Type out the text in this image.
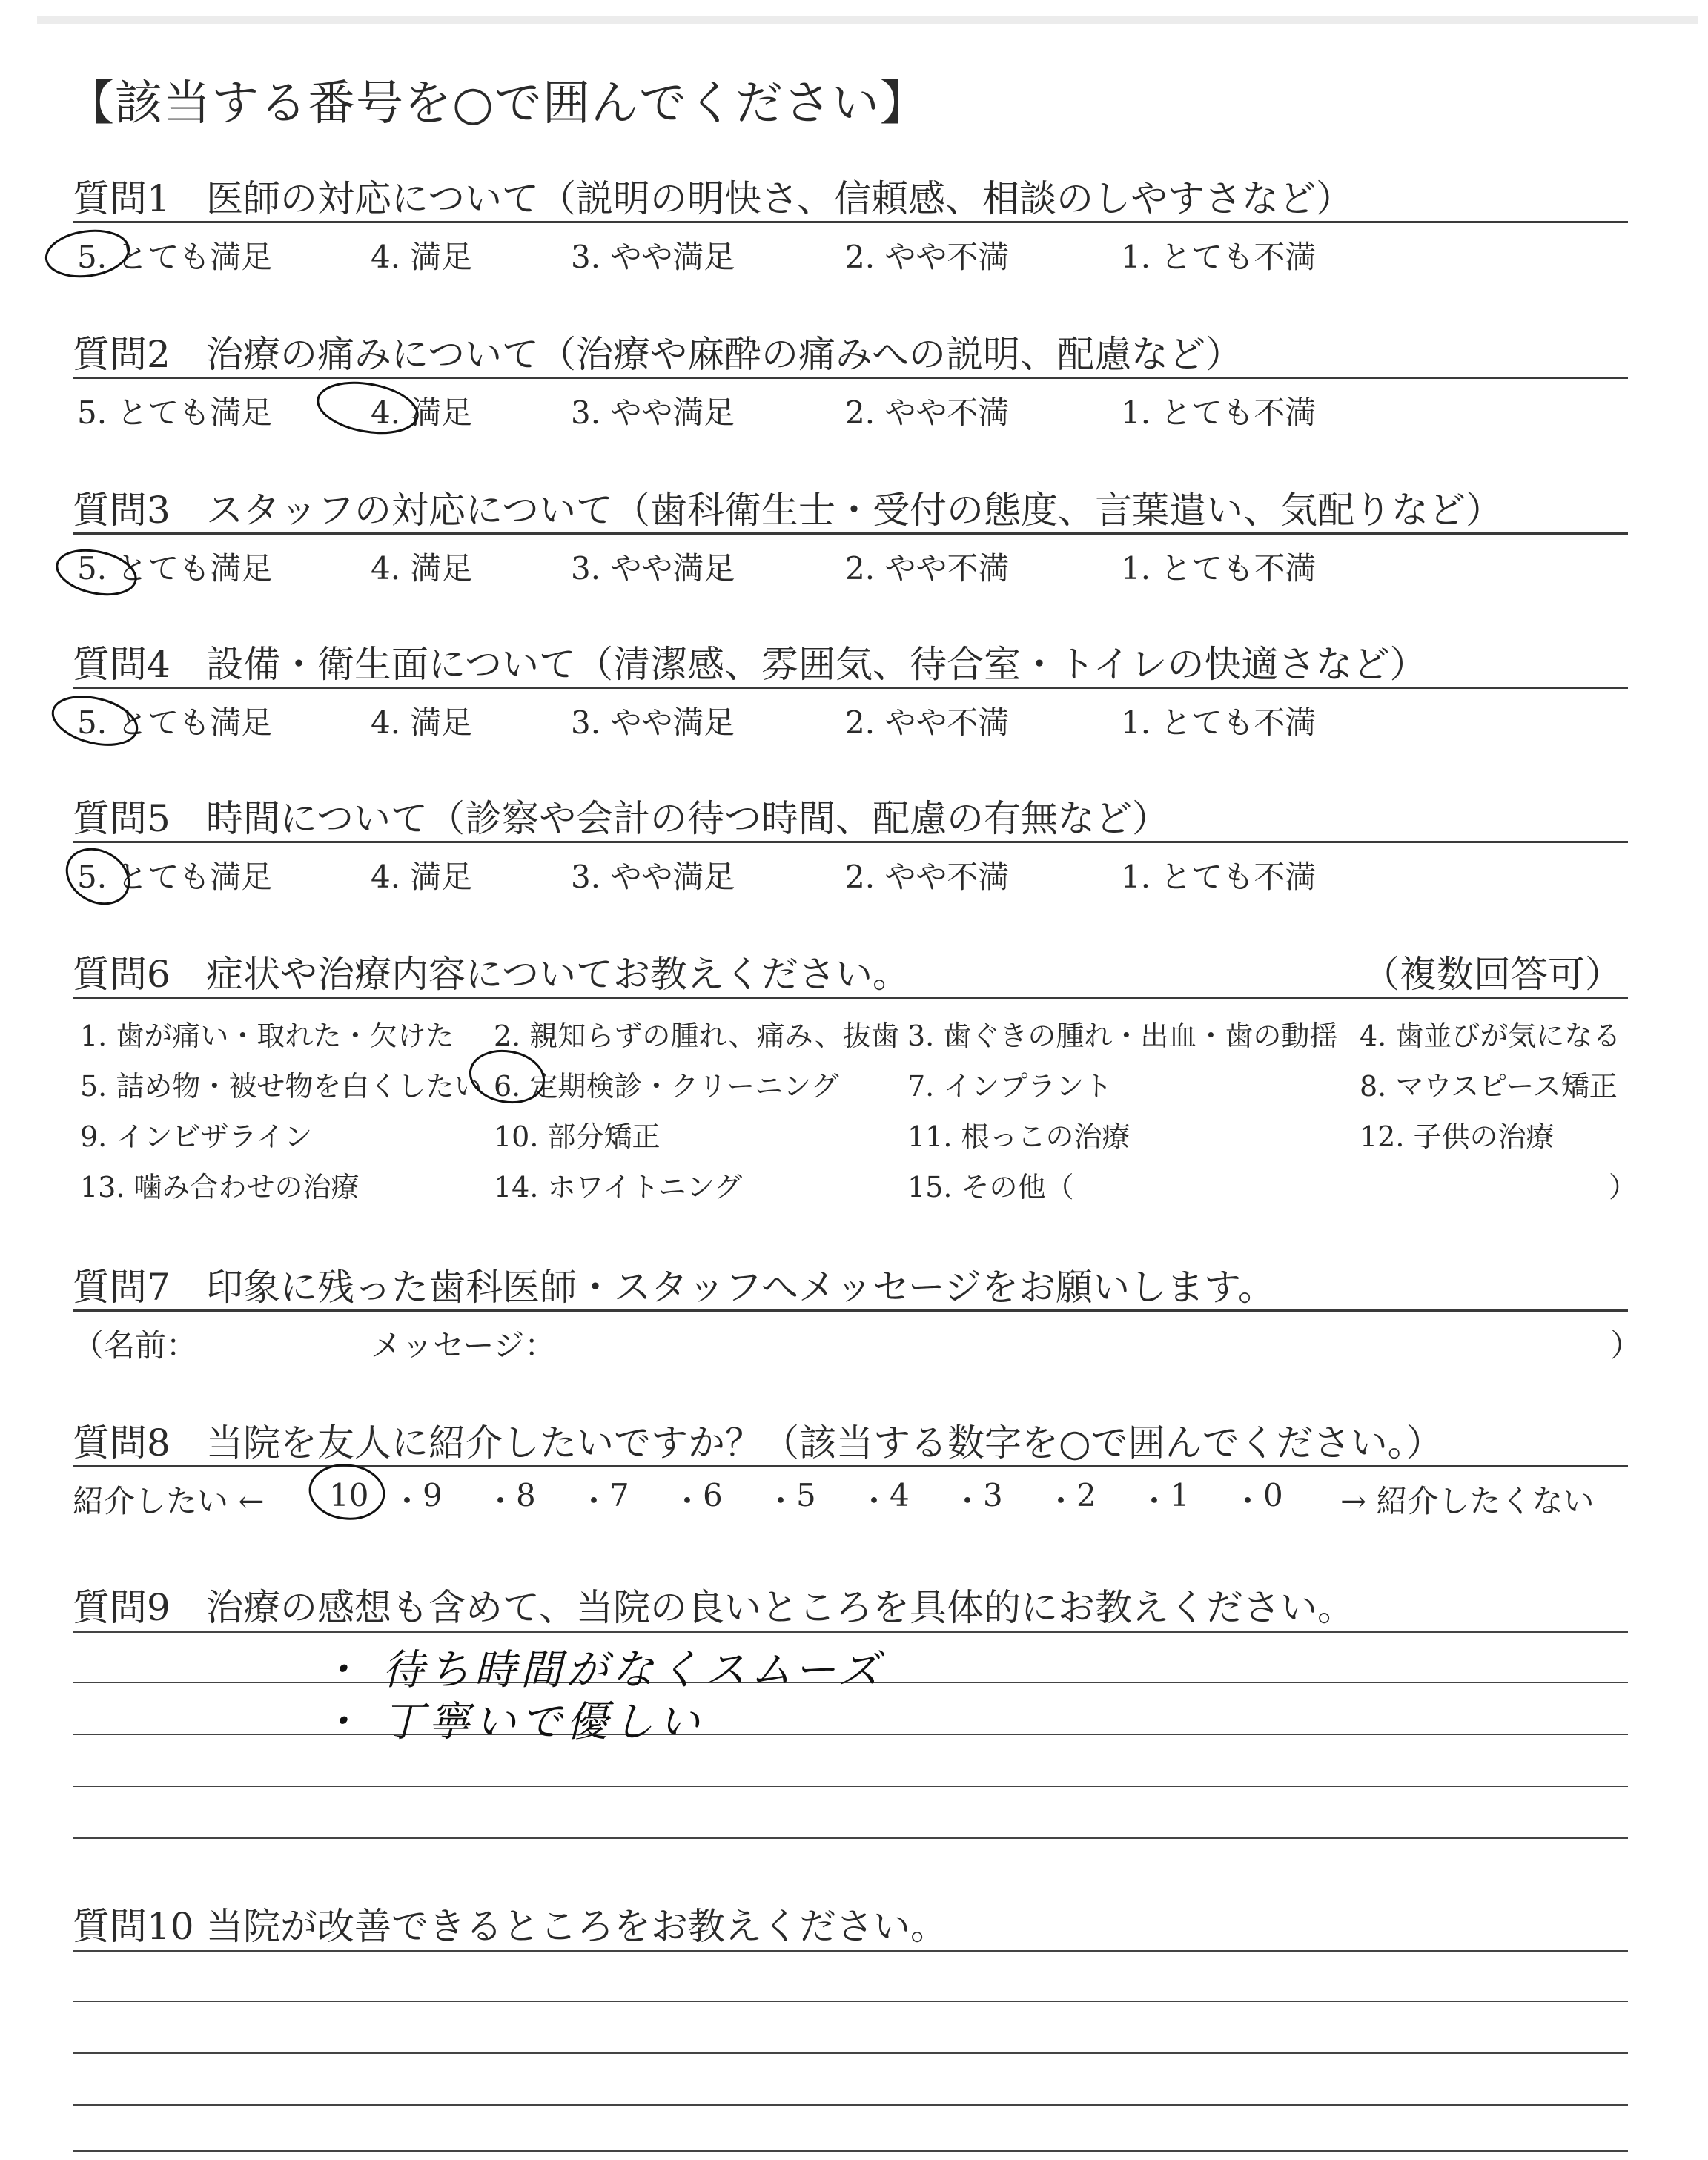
【該当する番号を○で囲んでください】
質問1 医師の対応について（説明の明快さ、信頼感、相談のしやすさなど）
5. とても満足	4. 満足	3. やや満足	2. やや不満	1. とても不満
質問2 治療の痛みについて（治療や麻酔の痛みへの説明、配慮など）
5. とても満足	4. 満足	3. やや満足	2. やや不満	1. とても不満
質問3 スタッフの対応について（歯科衛生士・受付の態度、言葉遣い、気配りなど）
5. とても満足	4. 満足	3. やや満足	2. やや不満	1. とても不満
質問4 設備・衛生面について（清潔感、雰囲気、待合室・トイレの快適さなど）
5. とても満足	4. 満足	3. やや満足	2. やや不満	1. とても不満
質問5 時間について（診察や会計の待つ時間、配慮の有無など）
5. とても満足	4. 満足	3. やや満足	2. やや不満	1. とても不満
質問6 症状や治療内容についてお教えください。	（複数回答可）
1. 歯が痛い・取れた・欠けた 2. 親知らずの腫れ、痛み、抜歯 3. 歯ぐきの腫れ・出血・歯の動揺 4. 歯並びが気になる
5. 詰め物・被せ物を白くしたい 6. 定期検診・クリーニング 7. インプラント	8. マウスピース矯正
9. インビザライン	10. 部分矯正	11. 根っこの治療	12. 子供の治療
13. 噛み合わせの治療	14. ホワイトニング	15. その他（	）
質問7 印象に残った歯科医師・スタッフへメッセージをお願いします。
（名前：	メッセージ：	）
質問8 当院を友人に紹介したいですか？（該当する数字を○で囲んでください。）
紹介したい ←	→ 紹介したくない
10 ・ 9 ・ 8 ・ 7 ・ 6 ・ 5 ・ 4 ・ 3 ・ 2 ・ 1 ・ 0
質問9 治療の感想も含めて、当院の良いところを具体的にお教えください。
・ 待ち時間がなくスムーズ
・ 丁寧いで優しい
質問10 当院が改善できるところをお教えください。
